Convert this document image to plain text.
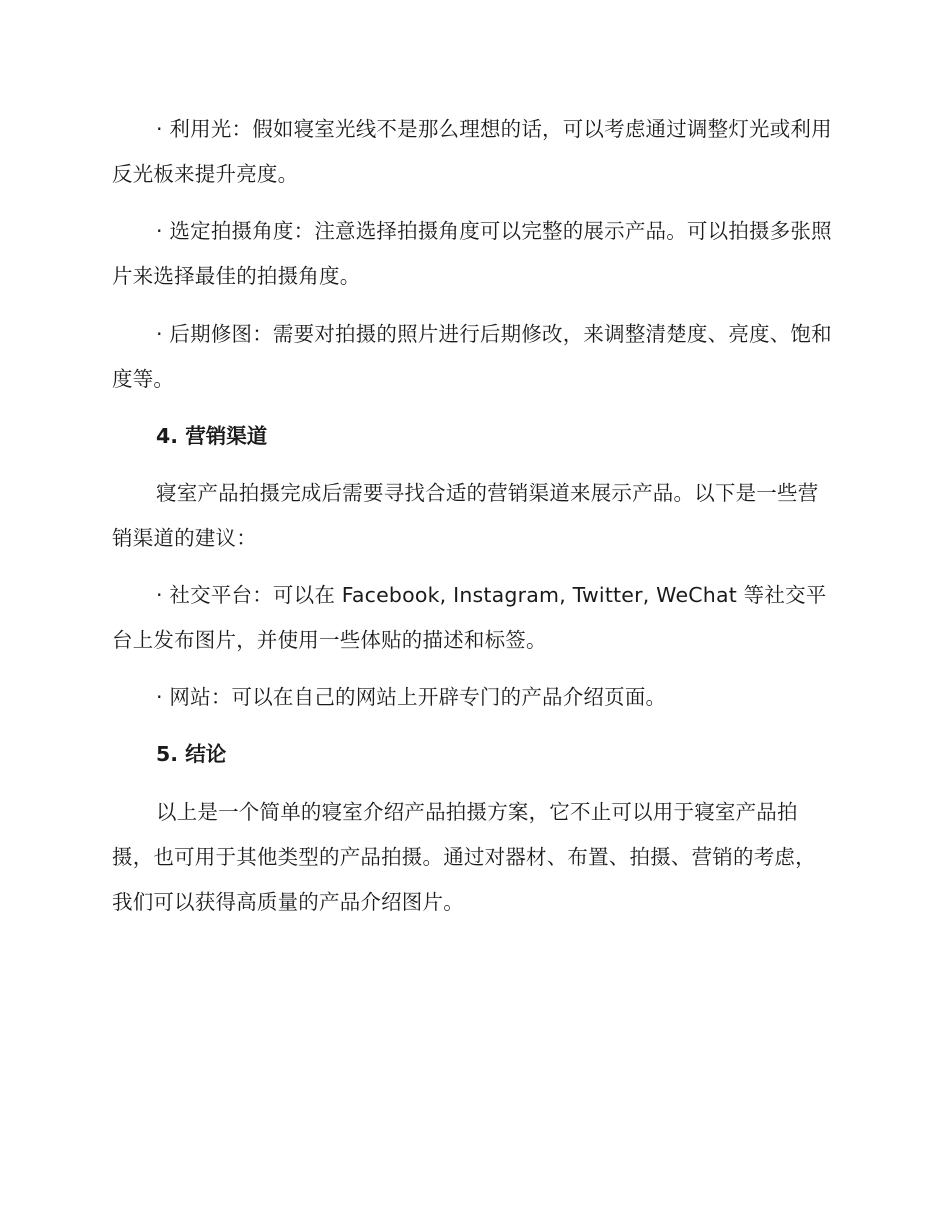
· 利用光：假如寝室光线不是那么理想的话，可以考虑通过调整灯光或利用反光板来提升亮度。

· 选定拍摄角度：注意选择拍摄角度可以完整的展示产品。可以拍摄多张照片来选择最佳的拍摄角度。

· 后期修图：需要对拍摄的照片进行后期修改，来调整清楚度、亮度、饱和度等。

4. 营销渠道

寝室产品拍摄完成后需要寻找合适的营销渠道来展示产品。以下是一些营销渠道的建议：

· 社交平台：可以在 Facebook, Instagram, Twitter, WeChat 等社交平台上发布图片，并使用一些体贴的描述和标签。

· 网站：可以在自己的网站上开辟专门的产品介绍页面。

5. 结论

以上是一个简单的寝室介绍产品拍摄方案，它不止可以用于寝室产品拍摄，也可用于其他类型的产品拍摄。通过对器材、布置、拍摄、营销的考虑，我们可以获得高质量的产品介绍图片。
